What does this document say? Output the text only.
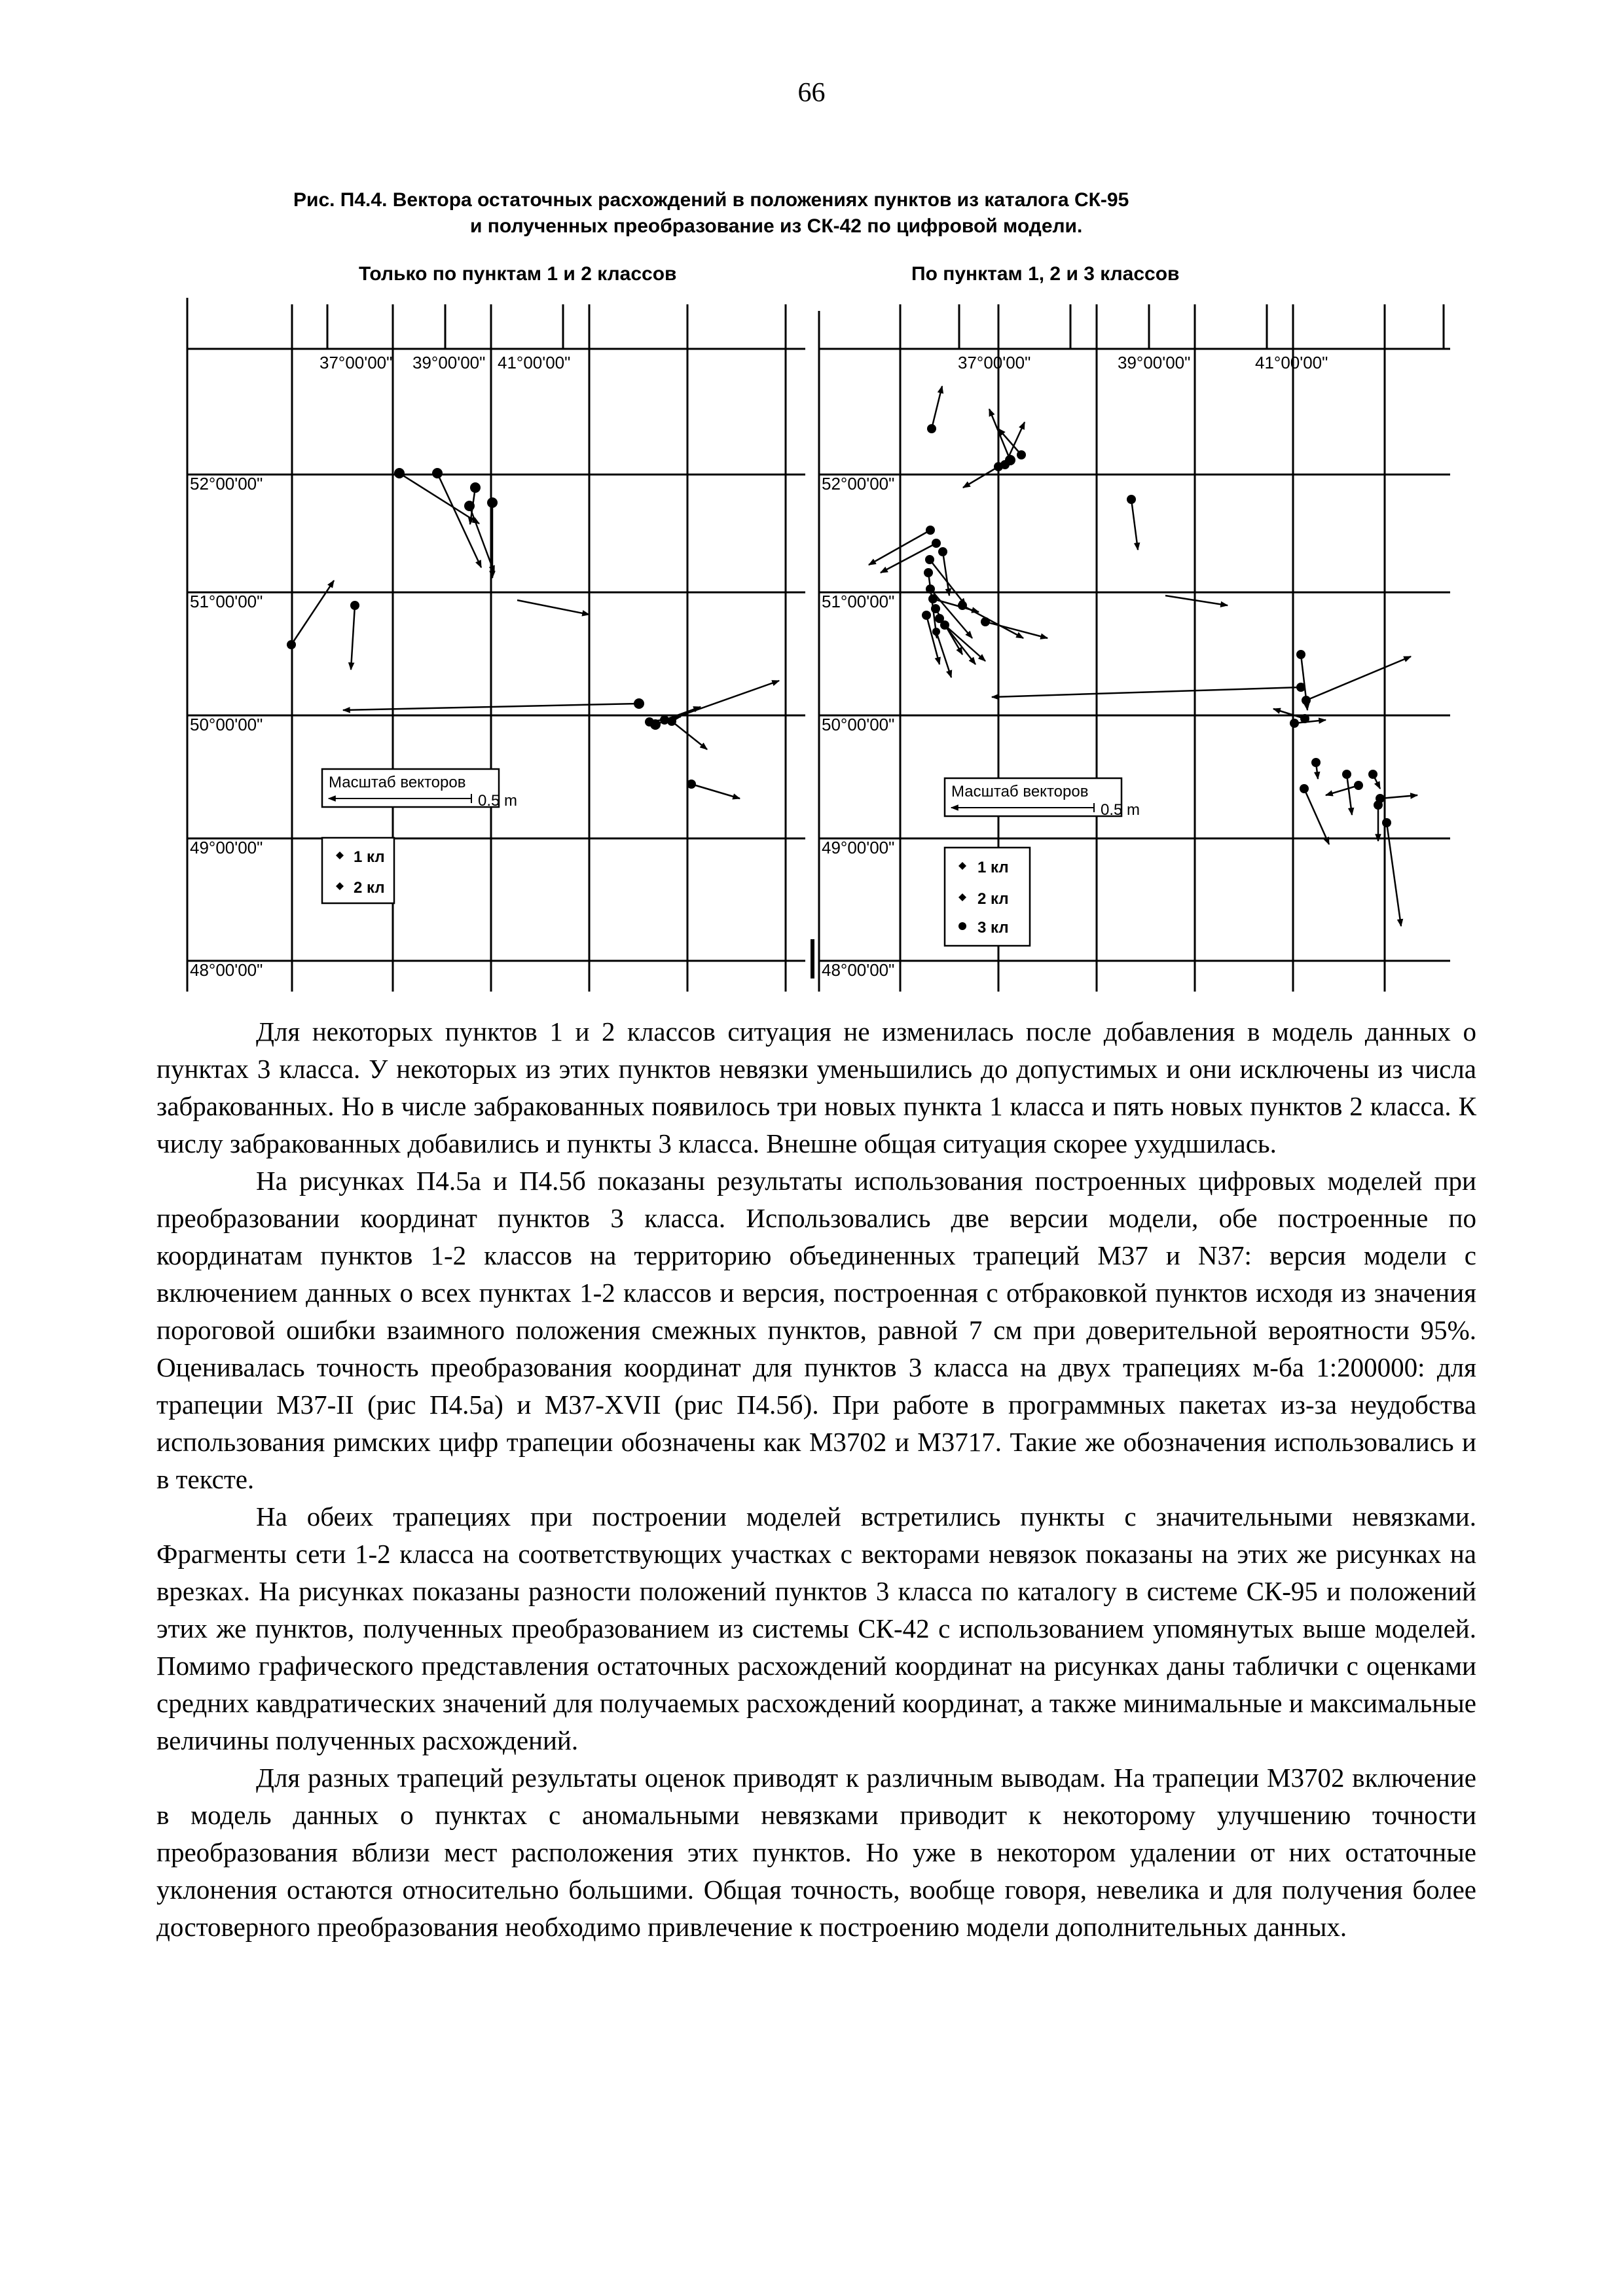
66
Рис. П4.4. Вектора остаточных расхождений в положениях пунктов из каталога СК-95
и полученных преобразование из СК-42 по цифровой модели.
Только по пунктам 1 и 2 классов	По пунктам 1, 2 и 3 классов
37°00'00" 39°00'00" 41°00'00"
52°00'00"
51°00'00"
50°00'00"
49°00'00"
48°00'00"
Масштаб векторов
0.5 m
1 кл
2 кл
37°00'00"	39°00'00"	41°00'00"
52°00'00"
51°00'00"
50°00'00"
49°00'00"
48°00'00"
Масштаб векторов
0.5 m
1 кл
2 кл
3 кл

Для некоторых пунктов 1 и 2 классов ситуация не изменилась после добавления в модель данных о пунктах 3 класса. У некоторых из этих пунктов невязки уменьшились до допустимых и они исключены из числа забракованных. Но в числе забракованных появилось три новых пункта 1 класса и пять новых пунктов 2 класса. К числу забракованных добавились и пункты 3 класса. Внешне общая ситуация скорее ухудшилась.

На рисунках П4.5а и П4.5б показаны результаты использования построенных цифровых моделей при преобразовании координат пунктов 3 класса. Использовались две версии модели, обе построенные по координатам пунктов 1-2 классов на территорию объединенных трапеций M37 и N37: версия модели с включением данных о всех пунктах 1-2 классов и версия, построенная с отбраковкой пунктов исходя из значения пороговой ошибки взаимного положения смежных пунктов, равной 7 см при доверительной вероятности 95%. Оценивалась точность преобразования координат для пунктов 3 класса на двух трапециях м-ба 1:200000: для трапеции M37-II (рис П4.5а) и M37-XVII (рис П4.5б). При работе в программных пакетах из-за неудобства использования римских цифр трапеции обозначены как M3702 и M3717. Такие же обозначения использовались и в тексте.

На обеих трапециях при построении моделей встретились пункты с значительными невязками. Фрагменты сети 1-2 класса на соответствующих участках с векторами невязок показаны на этих же рисунках на врезках. На рисунках показаны разности положений пунктов 3 класса по каталогу в системе СК-95 и положений этих же пунктов, полученных преобразованием из системы СК-42 с использованием упомянутых выше моделей. Помимо графического представления остаточных расхождений координат на рисунках даны таблички с оценками средних кавдратических значений для получаемых расхождений координат, а также минимальные и максимальные величины полученных расхождений.

Для разных трапеций результаты оценок приводят к различным выводам. На трапеции M3702 включение в модель данных о пунктах с аномальными невязками приводит к некоторому улучшению точности преобразования вблизи мест расположения этих пунктов. Но уже в некотором удалении от них остаточные уклонения остаются относительно большими. Общая точность, вообще говоря, невелика и для получения более достоверного преобразования необходимо привлечение к построению модели дополнительных данных.
